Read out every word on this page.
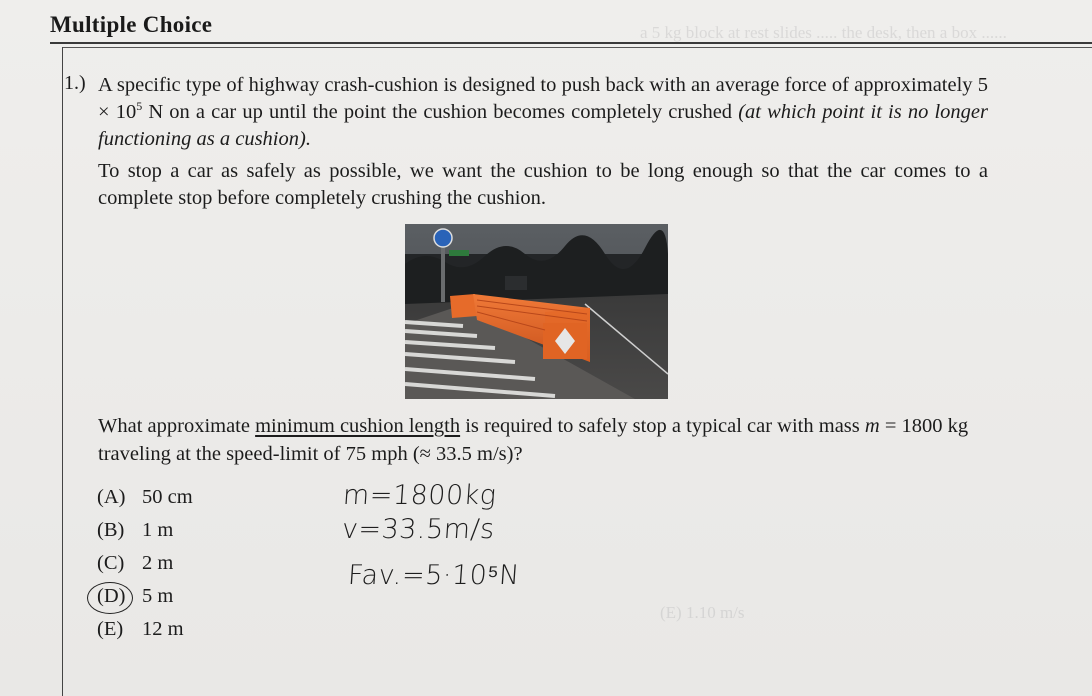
Multiple Choice
1.) A specific type of highway crash-cushion is designed to push back with an average force of approximately $5 \times 10^5$ N on a car up until the point the cushion becomes completely crushed (at which point it is no longer functioning as a cushion).
To stop a car as safely as possible, we want the cushion to be long enough so that the car comes to a complete stop before completely crushing the cushion.
What approximate minimum cushion length is required to safely stop a typical car with mass m = 1800 kg traveling at the speed-limit of 75 mph (≈ 33.5 m/s)?
(A) 50 cm
(B) 1 m
(C) 2 m
(D) 5 m
(E) 12 m
m=1800kg
v=33.5m/s
Fav.=5·10⁵N
